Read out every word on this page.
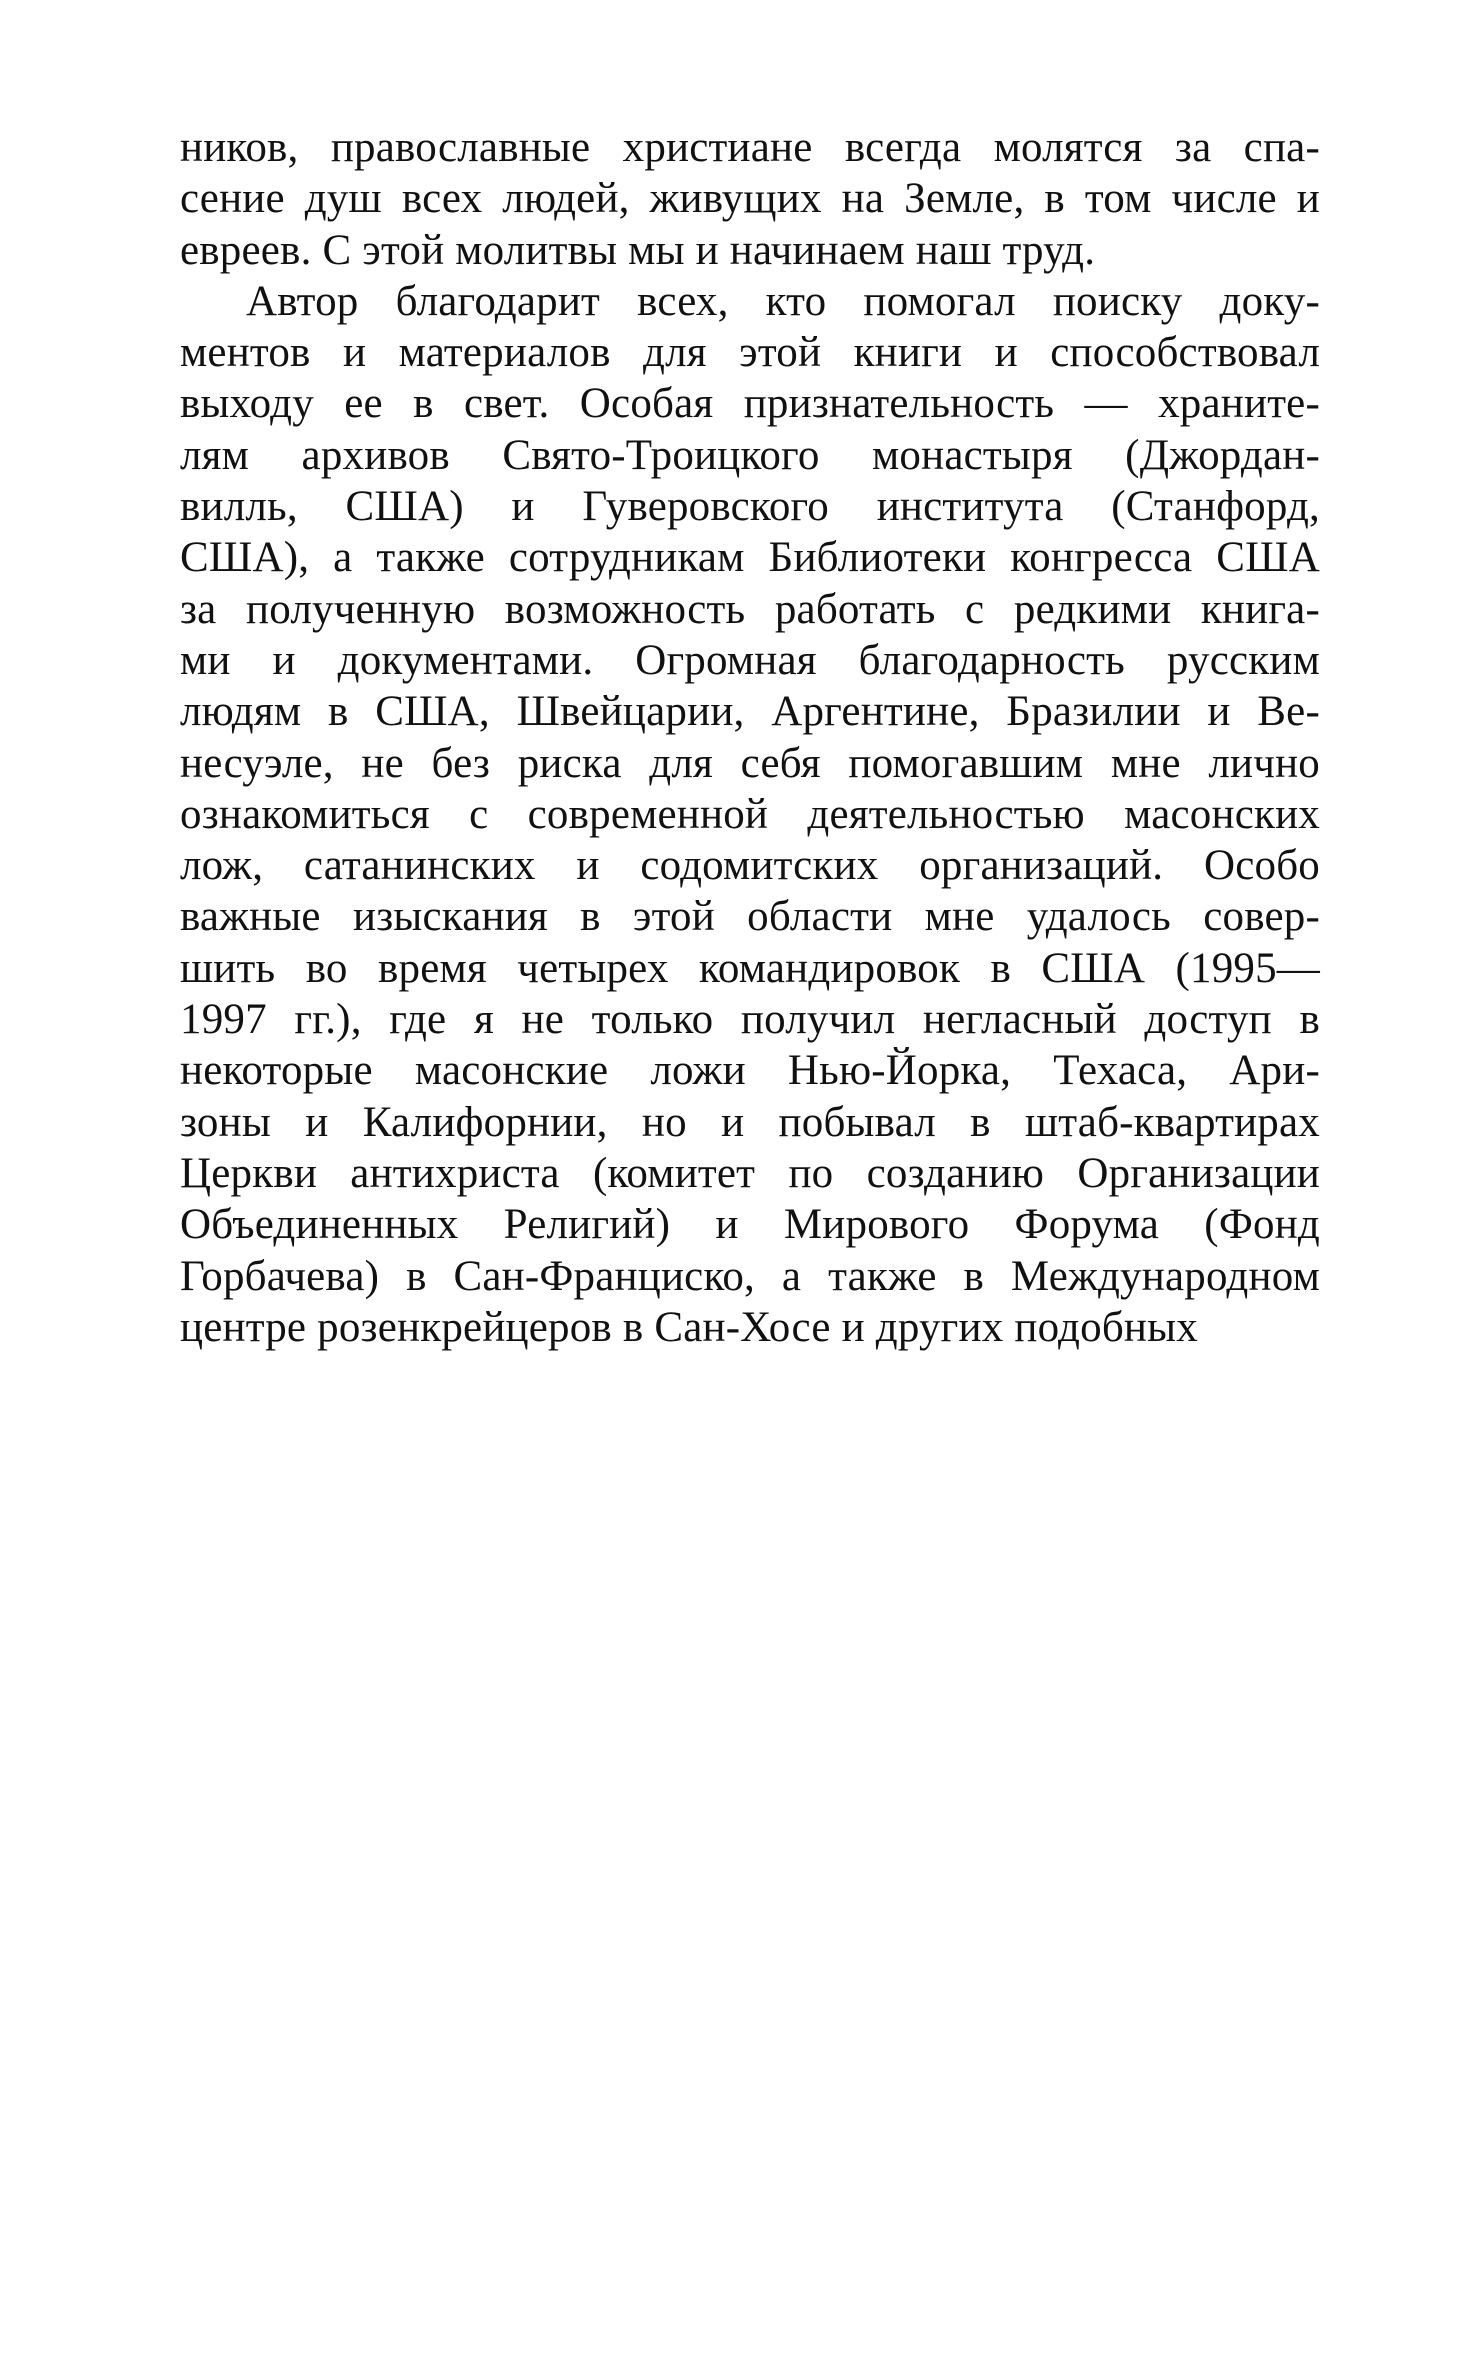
ников, православные христиане всегда молятся за спа-
сение душ всех людей, живущих на Земле, в том числе и
евреев. С этой молитвы мы и начинаем наш труд.
Автор благодарит всех, кто помогал поиску доку-
ментов и материалов для этой книги и способствовал
выходу ее в свет. Особая признательность — храните-
лям архивов Свято-Троицкого монастыря (Джордан-
вилль, США) и Гуверовского института (Станфорд,
США), а также сотрудникам Библиотеки конгресса США
за полученную возможность работать с редкими книга-
ми и документами. Огромная благодарность русским
людям в США, Швейцарии, Аргентине, Бразилии и Ве-
несуэле, не без риска для себя помогавшим мне лично
ознакомиться с современной деятельностью масонских
лож, сатанинских и содомитских организаций. Особо
важные изыскания в этой области мне удалось совер-
шить во время четырех командировок в США (1995—
1997 гг.), где я не только получил негласный доступ в
некоторые масонские ложи Нью-Йорка, Техаса, Ари-
зоны и Калифорнии, но и побывал в штаб-квартирах
Церкви антихриста (комитет по созданию Организации
Объединенных Религий) и Мирового Форума (Фонд
Горбачева) в Сан-Франциско, а также в Международном
центре розенкрейцеров в Сан-Хосе и других подобных
